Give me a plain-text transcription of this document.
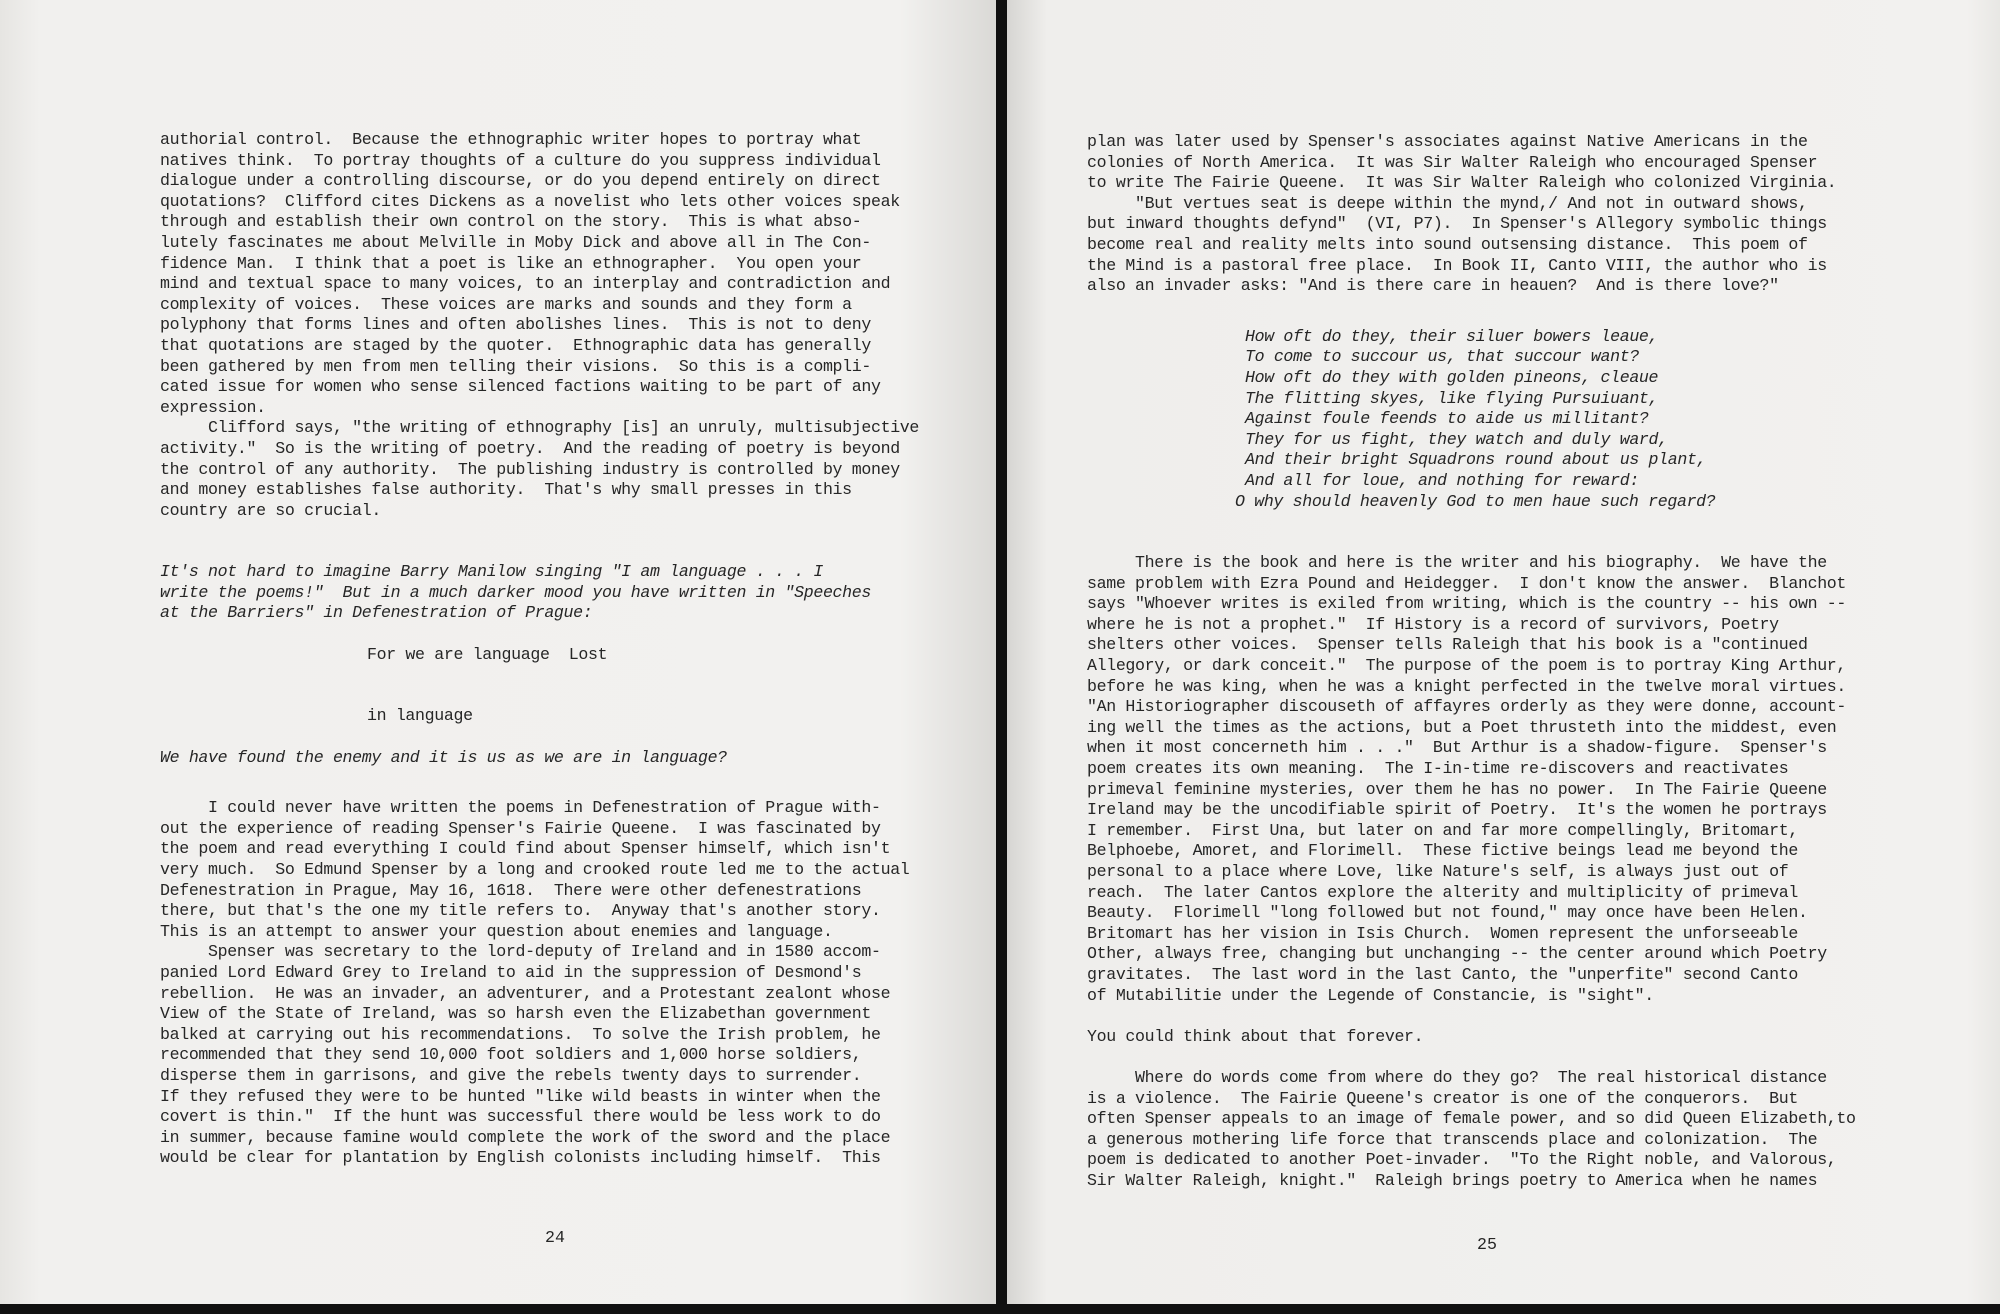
authorial control.  Because the ethnographic writer hopes to portray what

natives think.  To portray thoughts of a culture do you suppress individual

dialogue under a controlling discourse, or do you depend entirely on direct

quotations?  Clifford cites Dickens as a novelist who lets other voices speak

through and establish their own control on the story.  This is what abso-

lutely fascinates me about Melville in Moby Dick and above all in The Con-

fidence Man.  I think that a poet is like an ethnographer.  You open your

mind and textual space to many voices, to an interplay and contradiction and

complexity of voices.  These voices are marks and sounds and they form a

polyphony that forms lines and often abolishes lines.  This is not to deny

that quotations are staged by the quoter.  Ethnographic data has generally

been gathered by men from men telling their visions.  So this is a compli-

cated issue for women who sense silenced factions waiting to be part of any

expression.

Clifford says, "the writing of ethnography [is] an unruly, multisubjective

activity."  So is the writing of poetry.  And the reading of poetry is beyond

the control of any authority.  The publishing industry is controlled by money

and money establishes false authority.  That's why small presses in this

country are so crucial.

It's not hard to imagine Barry Manilow singing "I am language . . . I

write the poems!"  But in a much darker mood you have written in "Speeches

at the Barriers" in Defenestration of Prague:

For we are language  Lost

in language

We have found the enemy and it is us as we are in language?

I could never have written the poems in Defenestration of Prague with-

out the experience of reading Spenser's Fairie Queene.  I was fascinated by

the poem and read everything I could find about Spenser himself, which isn't

very much.  So Edmund Spenser by a long and crooked route led me to the actual

Defenestration in Prague, May 16, 1618.  There were other defenestrations

there, but that's the one my title refers to.  Anyway that's another story.

This is an attempt to answer your question about enemies and language.

Spenser was secretary to the lord-deputy of Ireland and in 1580 accom-

panied Lord Edward Grey to Ireland to aid in the suppression of Desmond's

rebellion.  He was an invader, an adventurer, and a Protestant zealont whose

View of the State of Ireland, was so harsh even the Elizabethan government

balked at carrying out his recommendations.  To solve the Irish problem, he

recommended that they send 10,000 foot soldiers and 1,000 horse soldiers,

disperse them in garrisons, and give the rebels twenty days to surrender.

If they refused they were to be hunted "like wild beasts in winter when the

covert is thin."  If the hunt was successful there would be less work to do

in summer, because famine would complete the work of the sword and the place

would be clear for plantation by English colonists including himself.  This

24

plan was later used by Spenser's associates against Native Americans in the

colonies of North America.  It was Sir Walter Raleigh who encouraged Spenser

to write The Fairie Queene.  It was Sir Walter Raleigh who colonized Virginia.

"But vertues seat is deepe within the mynd,/ And not in outward shows,

but inward thoughts defynd"  (VI, P7).  In Spenser's Allegory symbolic things

become real and reality melts into sound outsensing distance.  This poem of

the Mind is a pastoral free place.  In Book II, Canto VIII, the author who is

also an invader asks: "And is there care in heauen?  And is there love?"

How oft do they, their siluer bowers leaue,

To come to succour us, that succour want?

How oft do they with golden pineons, cleaue

The flitting skyes, like flying Pursuiuant,

Against foule feends to aide us millitant?

They for us fight, they watch and duly ward,

And their bright Squadrons round about us plant,

And all for loue, and nothing for reward:

O why should heavenly God to men haue such regard?

There is the book and here is the writer and his biography.  We have the

same problem with Ezra Pound and Heidegger.  I don't know the answer.  Blanchot

says "Whoever writes is exiled from writing, which is the country -- his own --

where he is not a prophet."  If History is a record of survivors, Poetry

shelters other voices.  Spenser tells Raleigh that his book is a "continued

Allegory, or dark conceit."  The purpose of the poem is to portray King Arthur,

before he was king, when he was a knight perfected in the twelve moral virtues.

"An Historiographer discouseth of affayres orderly as they were donne, account-

ing well the times as the actions, but a Poet thrusteth into the middest, even

when it most concerneth him . . ."  But Arthur is a shadow-figure.  Spenser's

poem creates its own meaning.  The I-in-time re-discovers and reactivates

primeval feminine mysteries, over them he has no power.  In The Fairie Queene

Ireland may be the uncodifiable spirit of Poetry.  It's the women he portrays

I remember.  First Una, but later on and far more compellingly, Britomart,

Belphoebe, Amoret, and Florimell.  These fictive beings lead me beyond the

personal to a place where Love, like Nature's self, is always just out of

reach.  The later Cantos explore the alterity and multiplicity of primeval

Beauty.  Florimell "long followed but not found," may once have been Helen.

Britomart has her vision in Isis Church.  Women represent the unforseeable

Other, always free, changing but unchanging -- the center around which Poetry

gravitates.  The last word in the last Canto, the "unperfite" second Canto

of Mutabilitie under the Legende of Constancie, is "sight".

You could think about that forever.

Where do words come from where do they go?  The real historical distance

is a violence.  The Fairie Queene's creator is one of the conquerors.  But

often Spenser appeals to an image of female power, and so did Queen Elizabeth,to

a generous mothering life force that transcends place and colonization.  The

poem is dedicated to another Poet-invader.  "To the Right noble, and Valorous,

Sir Walter Raleigh, knight."  Raleigh brings poetry to America when he names

25
